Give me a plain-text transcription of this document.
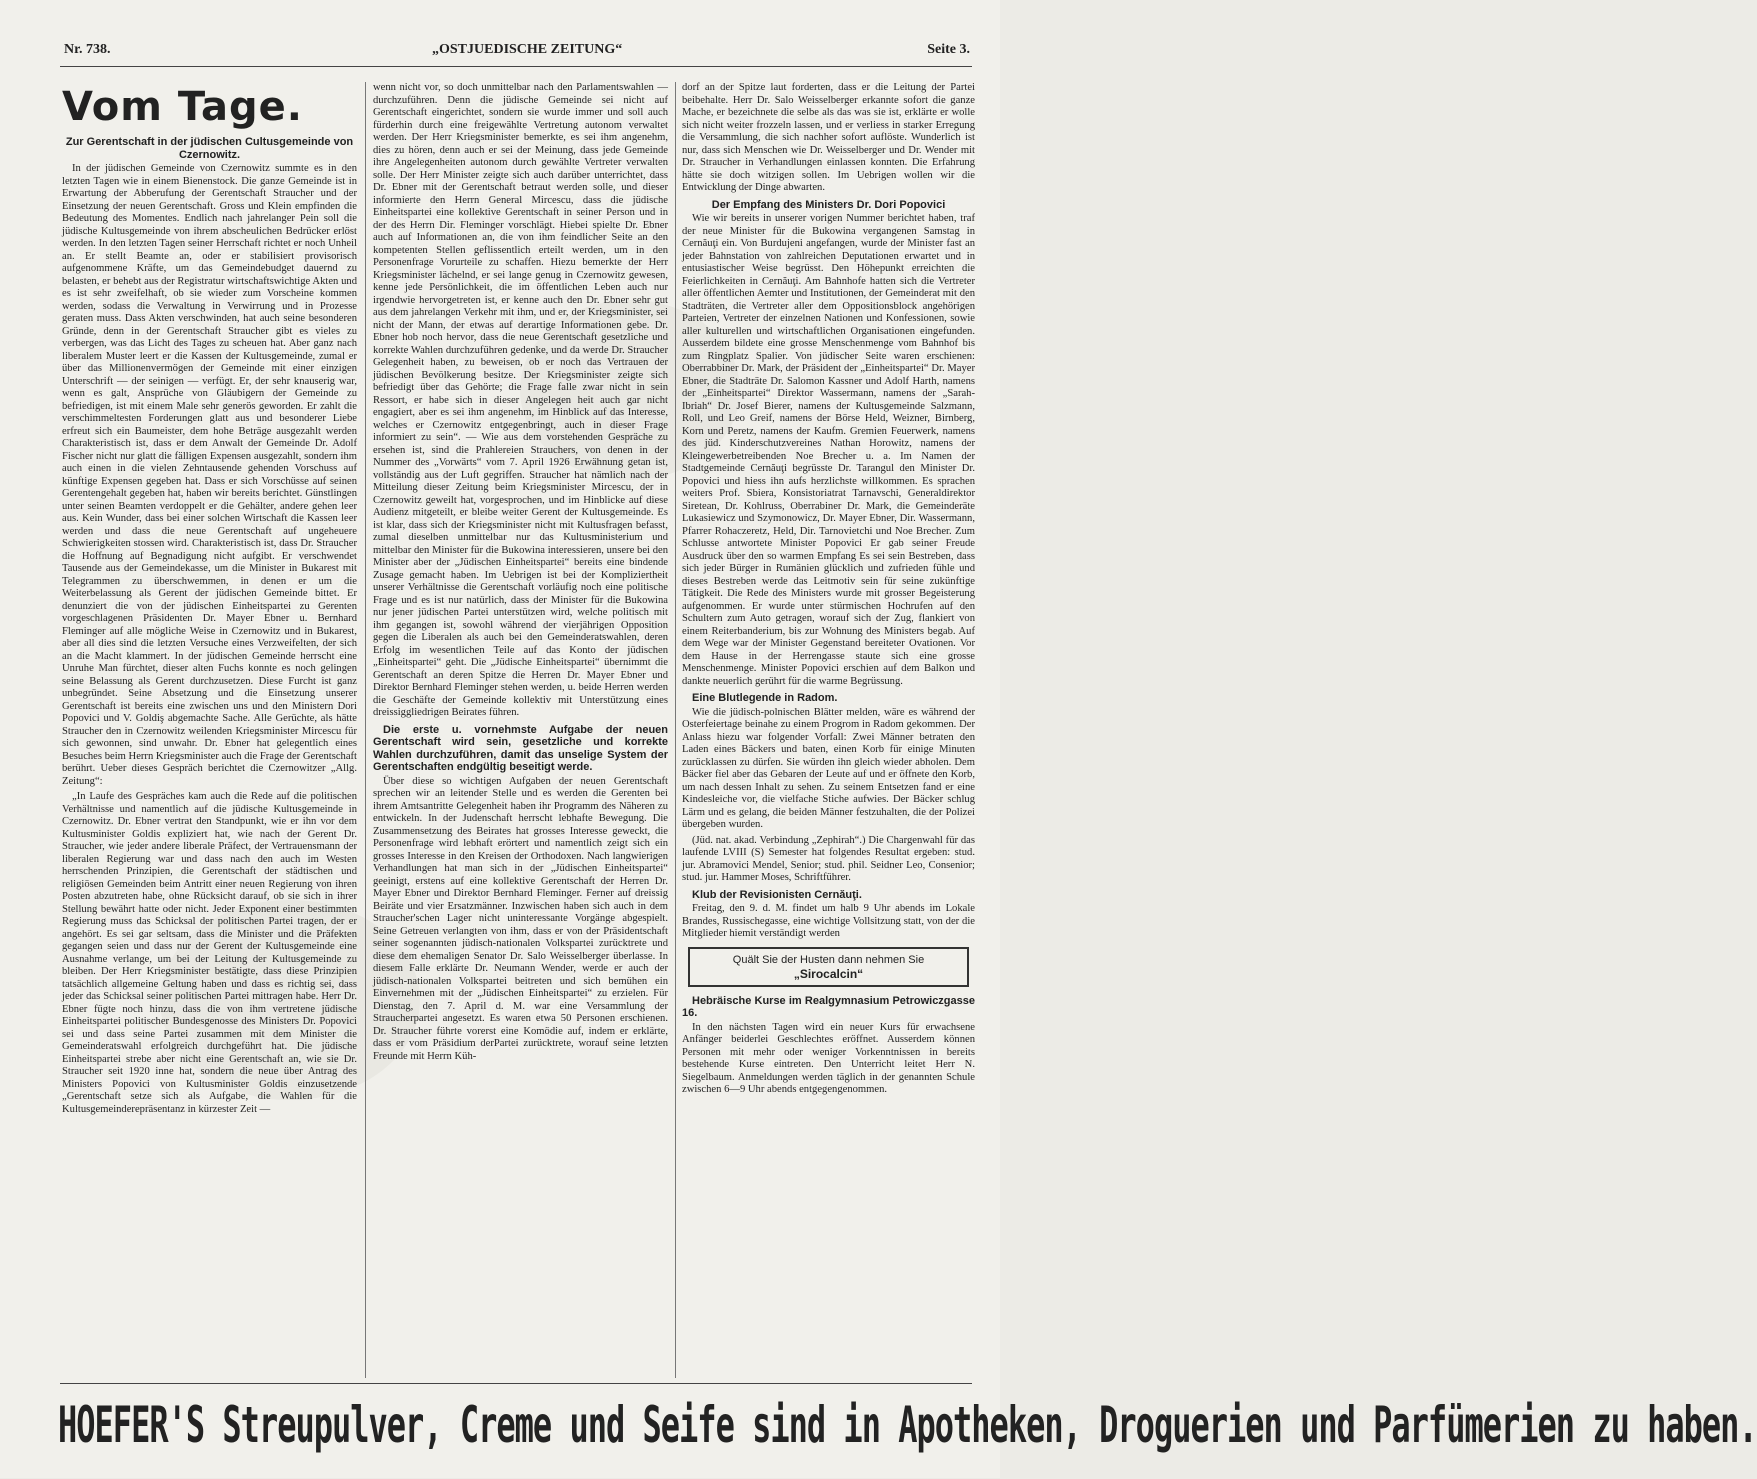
Nr. 738.	„OSTJUEDISCHE ZEITUNG“	Seite 3.
Vom Tage.
Zur Gerentschaft in der jüdischen Cultusgemeinde von Czernowitz.

In der jüdischen Gemeinde von Czernowitz summte es in den letzten Tagen wie in einem Bienenstock. Die ganze Gemeinde ist in Erwartung der Abberufung der Gerentschaft Straucher und der Einsetzung der neuen Gerentschaft. Gross und Klein empfinden die Bedeutung des Momentes. Endlich nach jahrelanger Pein soll die jüdische Kultusgemeinde von ihrem abscheulichen Bedrücker erlöst werden. In den letzten Tagen seiner Herrschaft richtet er noch Unheil an. Er stellt Beamte an, oder er stabilisiert provisorisch aufgenommene Kräfte, um das Gemeindebudget dauernd zu belasten, er behebt aus der Registratur wirtschaftswichtige Akten und es ist sehr zweifelhaft, ob sie wieder zum Vorscheine kommen werden, sodass die Verwaltung in Verwirrung und in Prozesse geraten muss. Dass Akten verschwinden, hat auch seine besonderen Gründe, denn in der Gerentschaft Straucher gibt es vieles zu verbergen, was das Licht des Tages zu scheuen hat. Aber ganz nach liberalem Muster leert er die Kassen der Kultusgemeinde, zumal er über das Millionenvermögen der Gemeinde mit einer einzigen Unterschrift — der seinigen — verfügt. Er, der sehr knauserig war, wenn es galt, Ansprüche von Gläubigern der Gemeinde zu befriedigen, ist mit einem Male sehr generös geworden. Er zahlt die verschimmeltesten Forderungen glatt aus und besonderer Liebe erfreut sich ein Baumeister, dem hohe Beträge ausgezahlt werden Charakteristisch ist, dass er dem Anwalt der Gemeinde Dr. Adolf Fischer nicht nur glatt die fälligen Expensen ausgezahlt, sondern ihm auch einen in die vielen Zehntausende gehenden Vorschuss auf künftige Expensen gegeben hat. Dass er sich Vorschüsse auf seinen Gerentengehalt gegeben hat, haben wir bereits berichtet. Günstlingen unter seinen Beamten verdoppelt er die Gehälter, andere gehen leer aus. Kein Wunder, dass bei einer solchen Wirtschaft die Kassen leer werden und dass die neue Gerentschaft auf ungeheuere Schwierigkeiten stossen wird. Charakteristisch ist, dass Dr. Straucher die Hoffnung auf Begnadigung nicht aufgibt. Er verschwendet Tausende aus der Gemeindekasse, um die Minister in Bukarest mit Telegrammen zu überschwemmen, in denen er um die Weiterbelassung als Gerent der jüdischen Gemeinde bittet. Er denunziert die von der jüdischen Einheitspartei zu Gerenten vorgeschlagenen Präsidenten Dr. Mayer Ebner u. Bernhard Fleminger auf alle mögliche Weise in Czernowitz und in Bukarest, aber all dies sind die letzten Versuche eines Verzweifelten, der sich an die Macht klammert. In der jüdischen Gemeinde herrscht eine Unruhe Man fürchtet, dieser alten Fuchs konnte es noch gelingen seine Belassung als Gerent durchzusetzen. Diese Furcht ist ganz unbegründet. Seine Absetzung und die Einsetzung unserer Gerentschaft ist bereits eine zwischen uns und den Ministern Dori Popovici und V. Goldiş abgemachte Sache. Alle Gerüchte, als hätte Straucher den in Czernowitz weilenden Kriegsminister Mircescu für sich gewonnen, sind unwahr. Dr. Ebner hat gelegentlich eines Besuches beim Herrn Kriegsminister auch die Frage der Gerentschaft berührt. Ueber dieses Gespräch berichtet die Czernowitzer „Allg. Zeitung“:

„In Laufe des Gespräches kam auch die Rede auf die politischen Verhältnisse und namentlich auf die jüdische Kultusgemeinde in Czernowitz. Dr. Ebner vertrat den Standpunkt, wie er ihn vor dem Kultusminister Goldis expliziert hat, wie nach der Gerent Dr. Straucher, wie jeder andere liberale Präfect, der Vertrauensmann der liberalen Regierung war und dass nach den auch im Westen herrschenden Prinzipien, die Gerentschaft der städtischen und religiösen Gemeinden beim Antritt einer neuen Regierung von ihren Posten abzutreten habe, ohne Rücksicht darauf, ob sie sich in ihrer Stellung bewährt hatte oder nicht. Jeder Exponent einer bestimmten Regierung muss das Schicksal der politischen Partei tragen, der er angehört. Es sei gar seltsam, dass die Minister und die Präfekten gegangen seien und dass nur der Gerent der Kultusgemeinde eine Ausnahme verlange, um bei der Leitung der Kultusgemeinde zu bleiben. Der Herr Kriegsminister bestätigte, dass diese Prinzipien tatsächlich allgemeine Geltung haben und dass es richtig sei, dass jeder das Schicksal seiner politischen Partei mittragen habe. Herr Dr. Ebner fügte noch hinzu, dass die von ihm vertretene jüdische Einheitspartei politischer Bundesgenosse des Ministers Dr. Popovici sei und dass seine Partei zusammen mit dem Minister die Gemeinderatswahl erfolgreich durchgeführt hat. Die jüdische Einheitspartei strebe aber nicht eine Gerentschaft an, wie sie Dr. Straucher seit 1920 inne hat, sondern die neue über Antrag des Ministers Popovici von Kultusminister Goldis einzusetzende „Gerentschaft setze sich als Aufgabe, die Wahlen für die Kultusgemeinderepräsentanz in kürzester Zeit —

wenn nicht vor, so doch unmittelbar nach den Parlamentswahlen — durchzuführen. Denn die jüdische Gemeinde sei nicht auf Gerentschaft eingerichtet, sondern sie wurde immer und soll auch fürderhin durch eine freigewählte Vertretung autonom verwaltet werden. Der Herr Kriegsminister bemerkte, es sei ihm angenehm, dies zu hören, denn auch er sei der Meinung, dass jede Gemeinde ihre Angelegenheiten autonom durch gewählte Vertreter verwalten solle. Der Herr Minister zeigte sich auch darüber unterrichtet, dass Dr. Ebner mit der Gerentschaft betraut werden solle, und dieser informierte den Herrn General Mircescu, dass die jüdische Einheitspartei eine kollektive Gerentschaft in seiner Person und in der des Herrn Dir. Fleminger vorschlägt. Hiebei spielte Dr. Ebner auch auf Informationen an, die von ihm feindlicher Seite an den kompetenten Stellen geflissentlich erteilt werden, um in den Personenfrage Vorurteile zu schaffen. Hiezu bemerkte der Herr Kriegsminister lächelnd, er sei lange genug in Czernowitz gewesen, kenne jede Persönlichkeit, die im öffentlichen Leben auch nur irgendwie hervorgetreten ist, er kenne auch den Dr. Ebner sehr gut aus dem jahrelangen Verkehr mit ihm, und er, der Kriegsminister, sei nicht der Mann, der etwas auf derartige Informationen gebe. Dr. Ebner hob noch hervor, dass die neue Gerentschaft gesetzliche und korrekte Wahlen durchzuführen gedenke, und da werde Dr. Straucher Gelegenheit haben, zu beweisen, ob er noch das Vertrauen der jüdischen Bevölkerung besitze. Der Kriegsminister zeigte sich befriedigt über das Gehörte; die Frage falle zwar nicht in sein Ressort, er habe sich in dieser Angelegen heit auch gar nicht engagiert, aber es sei ihm angenehm, im Hinblick auf das Interesse, welches er Czernowitz entgegenbringt, auch in dieser Frage informiert zu sein“. — Wie aus dem vorstehenden Gespräche zu ersehen ist, sind die Prahlereien Strauchers, von denen in der Nummer des „Vorwärts“ vom 7. April 1926 Erwähnung getan ist, vollständig aus der Luft gegriffen. Straucher hat nämlich nach der Mitteilung dieser Zeitung beim Kriegsminister Mircescu, der in Czernowitz geweilt hat, vorgesprochen, und im Hinblicke auf diese Audienz mitgeteilt, er bleibe weiter Gerent der Kultusgemeinde. Es ist klar, dass sich der Kriegsminister nicht mit Kultusfragen befasst, zumal dieselben unmittelbar nur das Kultusministerium und mittelbar den Minister für die Bukowina interessieren, unsere bei den Minister aber der „Jüdischen Einheitspartei“ bereits eine bindende Zusage gemacht haben. Im Uebrigen ist bei der Kompliziertheit unserer Verhältnisse die Gerentschaft vorläufig noch eine politische Frage und es ist nur natürlich, dass der Minister für die Bukowina nur jener jüdischen Partei unterstützen wird, welche politisch mit ihm gegangen ist, sowohl während der vierjährigen Opposition gegen die Liberalen als auch bei den Gemeinderatswahlen, deren Erfolg im wesentlichen Teile auf das Konto der jüdischen „Einheitspartei“ geht. Die „Jüdische Einheitspartei“ übernimmt die Gerentschaft an deren Spitze die Herren Dr. Mayer Ebner und Direktor Bernhard Fleminger stehen werden, u. beide Herren werden die Geschäfte der Gemeinde kollektiv mit Unterstützung eines dreissiggliedrigen Beirates führen.

Die erste u. vornehmste Aufgabe der neuen Gerentschaft wird sein, gesetzliche und korrekte Wahlen durchzuführen, damit das unselige System der Gerentschaften endgültig beseitigt werde.

Über diese so wichtigen Aufgaben der neuen Gerentschaft sprechen wir an leitender Stelle und es werden die Gerenten bei ihrem Amtsantritte Gelegenheit haben ihr Programm des Näheren zu entwickeln. In der Judenschaft herrscht lebhafte Bewegung. Die Zusammensetzung des Beirates hat grosses Interesse geweckt, die Personenfrage wird lebhaft erörtert und namentlich zeigt sich ein grosses Interesse in den Kreisen der Orthodoxen. Nach langwierigen Verhandlungen hat man sich in der „Jüdischen Einheitspartei“ geeinigt, erstens auf eine kollektive Gerentschaft der Herren Dr. Mayer Ebner und Direktor Bernhard Fleminger. Ferner auf dreissig Beiräte und vier Ersatzmänner. Inzwischen haben sich auch in dem Straucher'schen Lager nicht uninteressante Vorgänge abgespielt. Seine Getreuen verlangten von ihm, dass er von der Präsidentschaft seiner sogenannten jüdisch-nationalen Volkspartei zurücktrete und diese dem ehemaligen Senator Dr. Salo Weisselberger überlasse. In diesem Falle erklärte Dr. Neumann Wender, werde er auch der jüdisch-nationalen Volkspartei beitreten und sich bemühen ein Einvernehmen mit der „Jüdischen Einheitspartei“ zu erzielen. Für Dienstag, den 7. April d. M. war eine Versammlung der Straucherpartei angesetzt. Es waren etwa 50 Personen erschienen. Dr. Straucher führte vorerst eine Komödie auf, indem er erklärte, dass er vom Präsidium derPartei zurücktrete, worauf seine letzten Freunde mit Herrn Küh-

dorf an der Spitze laut forderten, dass er die Leitung der Partei beibehalte. Herr Dr. Salo Weisselberger erkannte sofort die ganze Mache, er bezeichnete die selbe als das was sie ist, erklärte er wolle sich nicht weiter frozzeln lassen, und er verliess in starker Erregung die Versammlung, die sich nachher sofort auflöste. Wunderlich ist nur, dass sich Menschen wie Dr. Weisselberger und Dr. Wender mit Dr. Straucher in Verhandlungen einlassen konnten. Die Erfahrung hätte sie doch witzigen sollen. Im Uebrigen wollen wir die Entwicklung der Dinge abwarten.

Der Empfang des Ministers Dr. Dori Popovici

Wie wir bereits in unserer vorigen Nummer berichtet haben, traf der neue Minister für die Bukowina vergangenen Samstag in Cernăuţi ein. Von Burdujeni angefangen, wurde der Minister fast an jeder Bahnstation von zahlreichen Deputationen erwartet und in entusiastischer Weise begrüsst. Den Höhepunkt erreichten die Feierlichkeiten in Cernăuţi. Am Bahnhofe hatten sich die Vertreter aller öffentlichen Aemter und Institutionen, der Gemeinderat mit den Stadträten, die Vertreter aller dem Oppositionsblock angehörigen Parteien, Vertreter der einzelnen Nationen und Konfessionen, sowie aller kulturellen und wirtschaftlichen Organisationen eingefunden. Ausserdem bildete eine grosse Menschenmenge vom Bahnhof bis zum Ringplatz Spalier. Von jüdischer Seite waren erschienen: Oberrabbiner Dr. Mark, der Präsident der „Einheitspartei“ Dr. Mayer Ebner, die Stadträte Dr. Salomon Kassner und Adolf Harth, namens der „Einheitspartei“ Direktor Wassermann, namens der „Sarah-Ibriah“ Dr. Josef Bierer, namens der Kultusgemeinde Salzmann, Roll, und Leo Greif, namens der Börse Held, Weizner, Birnberg, Korn und Peretz, namens der Kaufm. Gremien Feuerwerk, namens des jüd. Kinderschutzvereines Nathan Horowitz, namens der Kleingewerbetreibenden Noe Brecher u. a. Im Namen der Stadtgemeinde Cernăuţi begrüsste Dr. Tarangul den Minister Dr. Popovici und hiess ihn aufs herzlichste willkommen. Es sprachen weiters Prof. Sbiera, Konsistoriatrat Tarnavschi, Generaldirektor Siretean, Dr. Kohlruss, Oberrabiner Dr. Mark, die Gemeinderäte Lukasiewicz und Szymonowicz, Dr. Mayer Ebner, Dir. Wassermann, Pfarrer Rohaczeretz, Held, Dir. Tarnovietchi und Noe Brecher. Zum Schlusse antwortete Minister Popovici Er gab seiner Freude Ausdruck über den so warmen Empfang Es sei sein Bestreben, dass sich jeder Bürger in Rumänien glücklich und zufrieden fühle und dieses Bestreben werde das Leitmotiv sein für seine zukünftige Tätigkeit. Die Rede des Ministers wurde mit grosser Begeisterung aufgenommen. Er wurde unter stürmischen Hochrufen auf den Schultern zum Auto getragen, worauf sich der Zug, flankiert von einem Reiterbanderium, bis zur Wohnung des Ministers begab. Auf dem Wege war der Minister Gegenstand bereiteter Ovationen. Vor dem Hause in der Herrengasse staute sich eine grosse Menschenmenge. Minister Popovici erschien auf dem Balkon und dankte neuerlich gerührt für die warme Begrüssung.

Eine Blutlegende in Radom.

Wie die jüdisch-polnischen Blätter melden, wäre es während der Osterfeiertage beinahe zu einem Progrom in Radom gekommen. Der Anlass hiezu war folgender Vorfall: Zwei Männer betraten den Laden eines Bäckers und baten, einen Korb für einige Minuten zurücklassen zu dürfen. Sie würden ihn gleich wieder abholen. Dem Bäcker fiel aber das Gebaren der Leute auf und er öffnete den Korb, um nach dessen Inhalt zu sehen. Zu seinem Entsetzen fand er eine Kindesleiche vor, die vielfache Stiche aufwies. Der Bäcker schlug Lärm und es gelang, die beiden Männer festzuhalten, die der Polizei übergeben wurden.

(Jüd. nat. akad. Verbindung „Zephirah“.) Die Chargenwahl für das laufende LVIII (S) Semester hat folgendes Resultat ergeben: stud. jur. Abramovici Mendel, Senior; stud. phil. Seidner Leo, Consenior; stud. jur. Hammer Moses, Schriftführer.

Klub der Revisionisten Cernăuţi.

Freitag, den 9. d. M. findet um halb 9 Uhr abends im Lokale Brandes, Russischegasse, eine wichtige Vollsitzung statt, von der die Mitglieder hiemit verständigt werden

Quält Sie der Husten dann nehmen Sie
„Sirocalcin“
Hebräische Kurse im Realgymnasium Petrowiczgasse 16.

In den nächsten Tagen wird ein neuer Kurs für erwachsene Anfänger beiderlei Geschlechtes eröffnet. Ausserdem können Personen mit mehr oder weniger Vorkenntnissen in bereits bestehende Kurse eintreten. Den Unterricht leitet Herr N. Siegelbaum. Anmeldungen werden täglich in der genannten Schule zwischen 6—9 Uhr abends entgegengenommen.

HOEFER'S Streupulver, Creme und Seife sind in Apotheken, Droguerien und Parfümerien zu haben.
